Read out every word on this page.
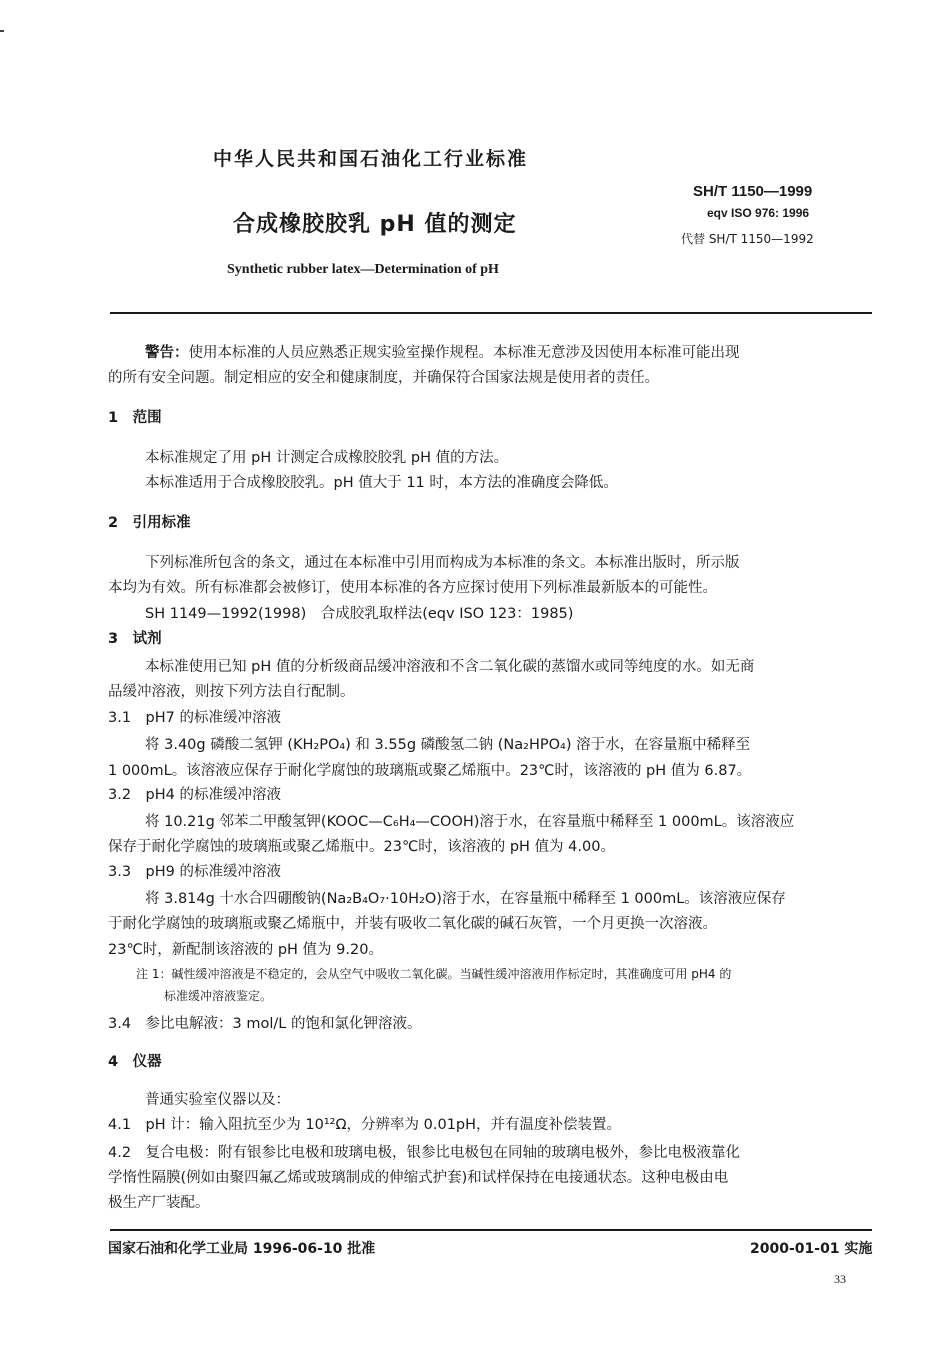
中华人民共和国石油化工行业标准
SH/T 1150—1999
合成橡胶胶乳 pH 值的测定	eqv ISO 976: 1996
代替 SH/T 1150—1992
Synthetic rubber latex—Determination of pH
警告：使用本标准的人员应熟悉正规实验室操作规程。本标准无意涉及因使用本标准可能出现
的所有安全问题。制定相应的安全和健康制度，并确保符合国家法规是使用者的责任。
1　范围
本标准规定了用 pH 计测定合成橡胶胶乳 pH 值的方法。
本标准适用于合成橡胶胶乳。pH 值大于 11 时，本方法的准确度会降低。
2　引用标准
下列标准所包含的条文，通过在本标准中引用而构成为本标准的条文。本标准出版时，所示版
本均为有效。所有标准都会被修订，使用本标准的各方应探讨使用下列标准最新版本的可能性。
SH 1149—1992(1998)　合成胶乳取样法(eqv ISO 123：1985)
3　试剂
本标准使用已知 pH 值的分析级商品缓冲溶液和不含二氧化碳的蒸馏水或同等纯度的水。如无商
品缓冲溶液，则按下列方法自行配制。
3.1　pH7 的标准缓冲溶液
将 3.40g 磷酸二氢钾 (KH₂PO₄) 和 3.55g 磷酸氢二钠 (Na₂HPO₄) 溶于水，在容量瓶中稀释至
1 000mL。该溶液应保存于耐化学腐蚀的玻璃瓶或聚乙烯瓶中。23℃时，该溶液的 pH 值为 6.87。
3.2　pH4 的标准缓冲溶液
将 10.21g 邻苯二甲酸氢钾(KOOC—C₆H₄—COOH)溶于水，在容量瓶中稀释至 1 000mL。该溶液应
保存于耐化学腐蚀的玻璃瓶或聚乙烯瓶中。23℃时，该溶液的 pH 值为 4.00。
3.3　pH9 的标准缓冲溶液
将 3.814g 十水合四硼酸钠(Na₂B₄O₇·10H₂O)溶于水，在容量瓶中稀释至 1 000mL。该溶液应保存
于耐化学腐蚀的玻璃瓶或聚乙烯瓶中，并装有吸收二氧化碳的碱石灰管，一个月更换一次溶液。
23℃时，新配制该溶液的 pH 值为 9.20。
注 1：碱性缓冲溶液是不稳定的，会从空气中吸收二氧化碳。当碱性缓冲溶液用作标定时，其准确度可用 pH4 的
标准缓冲溶液鉴定。
3.4　参比电解液：3 mol/L 的饱和氯化钾溶液。
4　仪器
普通实验室仪器以及：
4.1　pH 计：输入阻抗至少为 10¹²Ω，分辨率为 0.01pH，并有温度补偿装置。
4.2　复合电极：附有银参比电极和玻璃电极，银参比电极包在同轴的玻璃电极外，参比电极液靠化
学惰性隔膜(例如由聚四氟乙烯或玻璃制成的伸缩式护套)和试样保持在电接通状态。这种电极由电
极生产厂装配。
国家石油和化学工业局 1996-06-10 批准	2000-01-01 实施
33
